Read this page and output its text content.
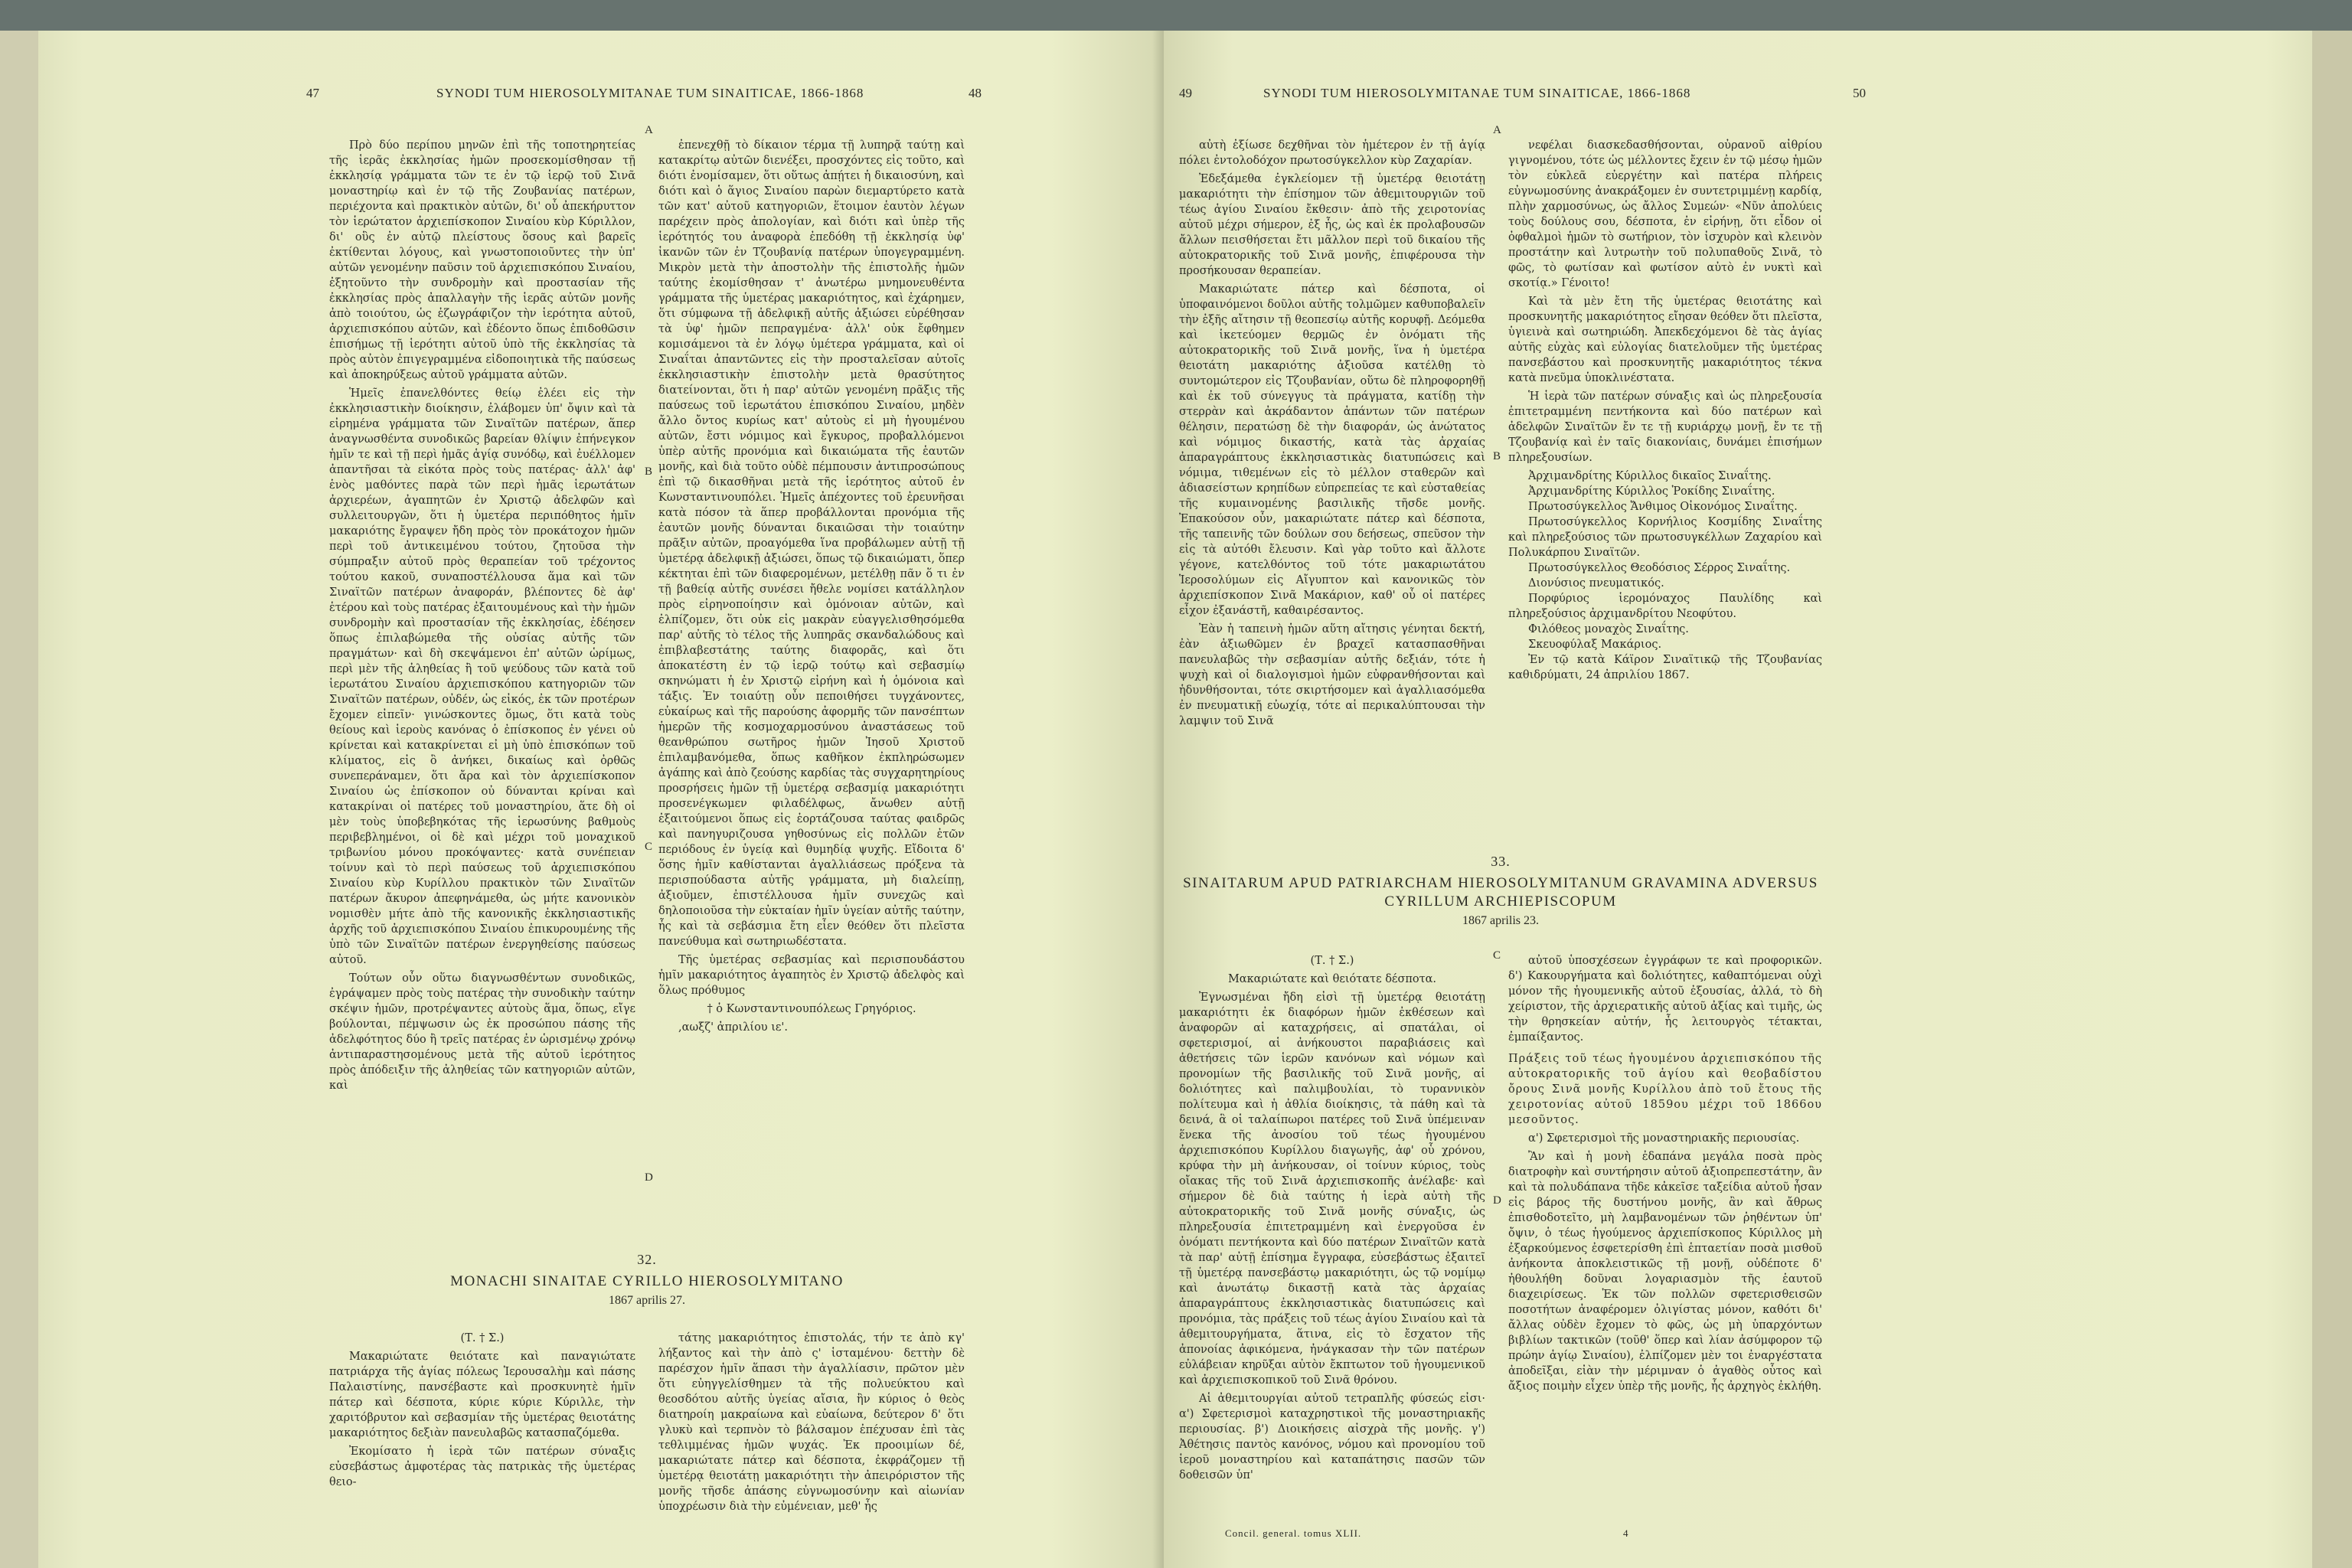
47	SYNODI TUM HIEROSOLYMITANAE TUM SINAITICAE, 1866-1868	48

Πρὸ δύο περίπου μηνῶν ἐπὶ τῆς τοποτηρητείας τῆς ἱερᾶς ἐκκλησίας ἡμῶν προσεκομίσθησαν τῇ ἐκκλησίᾳ γράμματα τῶν τε ἐν τῷ ἱερῷ τοῦ Σινᾶ μοναστηρίῳ καὶ ἐν τῷ τῆς Ζουβανίας πατέρων, περιέχοντα καὶ πρακτικὸν αὐτῶν, δι' οὗ ἀπεκήρυττον τὸν ἱερώτατον ἀρχιεπίσκοπον Σιναίου κὺρ Κύριλλον, δι' οὓς ἐν αὐτῷ πλείστους ὅσους καὶ βαρεῖς ἐκτίθενται λόγους, καὶ γνωστοποιοῦντες τὴν ὑπ' αὐτῶν γενομένην παῦσιν τοῦ ἀρχιεπισκόπου Σιναίου, ἐξητοῦντο τὴν συνδρομὴν καὶ προστασίαν τῆς ἐκκλησίας πρὸς ἀπαλλαγὴν τῆς ἱερᾶς αὐτῶν μονῆς ἀπὸ τοιούτου, ὡς ἐζωγράφιζον τὴν ἱερότητα αὐτοῦ, ἀρχιεπισκόπου αὐτῶν, καὶ ἐδέοντο ὅπως ἐπιδοθῶσιν ἐπισήμως τῇ ἱερότητι αὐτοῦ ὑπὸ τῆς ἐκκλησίας τὰ πρὸς αὐτὸν ἐπιγεγραμμένα εἰδοποιητικὰ τῆς παύσεως καὶ ἀποκηρύξεως αὐτοῦ γράμματα αὐτῶν.

Ἡμεῖς ἐπανελθόντες θείῳ ἐλέει εἰς τὴν ἐκκλησιαστικὴν διοίκησιν, ἐλάβομεν ὑπ' ὄψιν καὶ τὰ εἰρημένα γράμματα τῶν Σιναϊτῶν πατέρων, ἅπερ ἀναγνωσθέντα συνοδικῶς βαρείαν θλίψιν ἐπήνεγκον ἡμῖν τε καὶ τῇ περὶ ἡμᾶς ἁγίᾳ συνόδῳ, καὶ ἐυέλλομεν ἀπαντῆσαι τὰ εἰκότα πρὸς τοὺς πατέρας· ἀλλ' ἀφ' ἑνὸς μαθόντες παρὰ τῶν περὶ ἡμᾶς ἱερωτάτων ἀρχιερέων, ἀγαπητῶν ἐν Χριστῷ ἀδελφῶν καὶ συλλειτουργῶν, ὅτι ἡ ὑμετέρα περιπόθητος ἡμῖν μακαριότης ἔγραψεν ἤδη πρὸς τὸν προκάτοχον ἡμῶν περὶ τοῦ ἀντικειμένου τούτου, ζητοῦσα τὴν σύμπραξιν αὐτοῦ πρὸς θεραπείαν τοῦ τρέχοντος τούτου κακοῦ, συναποστέλλουσα ἅμα καὶ τῶν Σιναϊτῶν πατέρων ἀναφοράν, βλέποντες δὲ ἀφ' ἑτέρου καὶ τοὺς πατέρας ἐξαιτουμένους καὶ τὴν ἡμῶν συνδρομὴν καὶ προστασίαν τῆς ἐκκλησίας, ἐδέησεν ὅπως ἐπιλαβώμεθα τῆς οὐσίας αὐτῆς τῶν πραγμάτων· καὶ δὴ σκεψάμενοι ἐπ' αὐτῶν ὡρίμως, περὶ μὲν τῆς ἀληθείας ἢ τοῦ ψεύδους τῶν κατὰ τοῦ ἱερωτάτου Σιναίου ἀρχιεπισκόπου κατηγοριῶν τῶν Σιναϊτῶν πατέρων, οὐδέν, ὡς εἰκός, ἐκ τῶν προτέρων ἔχομεν εἰπεῖν· γινώσκοντες ὅμως, ὅτι κατὰ τοὺς θείους καὶ ἱεροὺς κανόνας ὁ ἐπίσκοπος ἐν γένει οὐ κρίνεται καὶ κατακρίνεται εἰ μὴ ὑπὸ ἐπισκόπων τοῦ κλίματος, εἰς ὃ ἀνήκει, δικαίως καὶ ὀρθῶς συνεπεράναμεν, ὅτι ἄρα καὶ τὸν ἀρχιεπίσκοπον Σιναίου ὡς ἐπίσκοπον οὐ δύνανται κρίναι καὶ κατακρίναι οἱ πατέρες τοῦ μοναστηρίου, ἅτε δὴ οἱ μὲν τοὺς ὑποβεβηκότας τῆς ἱερωσύνης βαθμοὺς περιβεβλημένοι, οἱ δὲ καὶ μέχρι τοῦ μοναχικοῦ τριβωνίου μόνου προκόψαντες· κατὰ συνέπειαν τοίνυν καὶ τὸ περὶ παύσεως τοῦ ἀρχιεπισκόπου Σιναίου κὺρ Κυρίλλου πρακτικὸν τῶν Σιναϊτῶν πατέρων ἄκυρον ἀπεφηνάμεθα, ὡς μήτε κανονικὸν νομισθὲν μήτε ἀπὸ τῆς κανονικῆς ἐκκλησιαστικῆς ἀρχῆς τοῦ ἀρχιεπισκόπου Σιναίου ἐπικυρουμένης τῆς ὑπὸ τῶν Σιναϊτῶν πατέρων ἐνεργηθείσης παύσεως αὐτοῦ.

Τούτων οὖν οὕτω διαγνωσθέντων συνοδικῶς, ἐγράψαμεν πρὸς τοὺς πατέρας τὴν συνοδικὴν ταύτην σκέψιν ἡμῶν, προτρέψαντες αὐτοὺς ἅμα, ὅπως, εἴγε βούλονται, πέμψωσιν ὡς ἐκ προσώπου πάσης τῆς ἀδελφότητος δύο ἢ τρεῖς πατέρας ἐν ὡρισμένῳ χρόνῳ ἀντιπαραστησομένους μετὰ τῆς αὐτοῦ ἱερότητος πρὸς ἀπόδειξιν τῆς ἀληθείας τῶν κατηγοριῶν αὐτῶν, καὶ

A
B
C
D

ἐπενεχθῇ τὸ δίκαιον τέρμα τῇ λυπηρᾷ ταύτῃ καὶ κατακρίτῳ αὐτῶν διενέξει, προσχόντες εἰς τοῦτο, καὶ διότι ἐνομίσαμεν, ὅτι οὕτως ἀπῄτει ἡ δικαιοσύνη, καὶ διότι καὶ ὁ ἅγιος Σιναίου παρὼν διεμαρτύρετο κατὰ τῶν κατ' αὐτοῦ κατηγοριῶν, ἕτοιμον ἑαυτὸν λέγων παρέχειν πρὸς ἀπολογίαν, καὶ διότι καὶ ὑπὲρ τῆς ἱερότητός του ἀναφορὰ ἐπεδόθη τῇ ἐκκλησίᾳ ὑφ' ἱκανῶν τῶν ἐν Τζουβανίᾳ πατέρων ὑπογεγραμμένη. Μικρὸν μετὰ τὴν ἀποστολὴν τῆς ἐπιστολῆς ἡμῶν ταύτης ἐκομίσθησαν τ' ἀνωτέρω μνημονευθέντα γράμματα τῆς ὑμετέρας μακαριότητος, καὶ ἐχάρημεν, ὅτι σύμφωνα τῇ ἀδελφικῇ αὐτῆς ἀξιώσει εὑρέθησαν τὰ ὑφ' ἡμῶν πεπραγμένα· ἀλλ' οὐκ ἔφθημεν κομισάμενοι τὰ ἐν λόγῳ ὑμέτερα γράμματα, καὶ οἱ Σιναΐται ἀπαντῶντες εἰς τὴν προσταλεῖσαν αὐτοῖς ἐκκλησιαστικὴν ἐπιστολὴν μετὰ θρασύτητος διατείνονται, ὅτι ἡ παρ' αὐτῶν γενομένη πρᾶξις τῆς παύσεως τοῦ ἱερωτάτου ἐπισκόπου Σιναίου, μηδὲν ἄλλο ὄντος κυρίως κατ' αὐτοὺς εἰ μὴ ἡγουμένου αὐτῶν, ἔστι νόμιμος καὶ ἔγκυρος, προβαλλόμενοι ὑπὲρ αὐτῆς προνόμια καὶ δικαιώματα τῆς ἑαυτῶν μονῆς, καὶ διὰ τοῦτο οὐδὲ πέμπουσιν ἀντιπροσώπους ἐπὶ τῷ δικασθῆναι μετὰ τῆς ἱερότητος αὐτοῦ ἐν Κωνσταντινουπόλει. Ἡμεῖς ἀπέχοντες τοῦ ἐρευνῆσαι κατὰ πόσον τὰ ἅπερ προβάλλονται προνόμια τῆς ἑαυτῶν μονῆς δύνανται δικαιῶσαι τὴν τοιαύτην πρᾶξιν αὐτῶν, προαγόμεθα ἵνα προβάλωμεν αὐτῇ τῇ ὑμετέρᾳ ἀδελφικῇ ἀξιώσει, ὅπως τῷ δικαιώματι, ὅπερ κέκτηται ἐπὶ τῶν διαφερομένων, μετέλθῃ πᾶν ὅ τι ἐν τῇ βαθείᾳ αὐτῆς συνέσει ἤθελε νομίσει κατάλληλον πρὸς εἰρηνοποίησιν καὶ ὁμόνοιαν αὐτῶν, καὶ ἐλπίζομεν, ὅτι οὐκ εἰς μακρὰν εὐαγγελισθησόμεθα παρ' αὐτῆς τὸ τέλος τῆς λυπηρᾶς σκανδαλώδους καὶ ἐπιβλαβεστάτης ταύτης διαφορᾶς, καὶ ὅτι ἀποκατέστη ἐν τῷ ἱερῷ τούτῳ καὶ σεβασμίῳ σκηνώματι ἡ ἐν Χριστῷ εἰρήνη καὶ ἡ ὁμόνοια καὶ τάξις. Ἐν τοιαύτῃ οὖν πεποιθήσει τυγχάνοντες, εὐκαίρως καὶ τῆς παρούσης ἀφορμῆς τῶν πανσέπτων ἡμερῶν τῆς κοσμοχαρμοσύνου ἀναστάσεως τοῦ θεανθρώπου σωτῆρος ἡμῶν Ἰησοῦ Χριστοῦ ἐπιλαμβανόμεθα, ὅπως καθῆκον ἐκπληρώσωμεν ἀγάπης καὶ ἀπὸ ζεούσης καρδίας τὰς συγχαρητηρίους προσρήσεις ἡμῶν τῇ ὑμετέρᾳ σεβασμίᾳ μακαριότητι προσενέγκωμεν φιλαδέλφως, ἄνωθεν αὐτῇ ἐξαιτούμενοι ὅπως εἰς ἑορτάζουσα ταύτας φαιδρῶς καὶ πανηγυριζουσα γηθοσύνως εἰς πολλῶν ἐτῶν περιόδους ἐν ὑγείᾳ καὶ θυμηδίᾳ ψυχῆς. Εἴδοιτα δ' ὅσης ἡμῖν καθίστανται ἀγαλλιάσεως πρόξενα τὰ περισπούδαστα αὐτῆς γράμματα, μὴ διαλείπῃ, ἀξιοῦμεν, ἐπιστέλλουσα ἡμῖν συνεχῶς καὶ δηλοποιοῦσα τὴν εὐκταίαν ἡμῖν ὑγείαν αὐτῆς ταύτην, ἧς καὶ τὰ σεβάσμια ἔτη εἶεν θεόθεν ὅτι πλεῖστα πανεύθυμα καὶ σωτηριωδέστατα.

Τῆς ὑμετέρας σεβασμίας καὶ περισπουδάστου ἡμῖν μακαριότητος ἀγαπητὸς ἐν Χριστῷ ἀδελφὸς καὶ ὅλως πρόθυμος

† ὁ Κωνσταντινουπόλεως Γρηγόριος.

,αωξζ' ἀπριλίου ιε'.

32.
MONACHI SINAITAE CYRILLO HIEROSOLYMITANO
1867 aprilis 27.

(Τ. † Σ.)

Μακαριώτατε θειότατε καὶ παναγιώτατε πατριάρχα τῆς ἁγίας πόλεως Ἱερουσαλὴμ καὶ πάσης Παλαιστίνης, πανσέβαστε καὶ προσκυνητὲ ἡμῖν πάτερ καὶ δέσποτα, κύριε κύριε Κύριλλε, τὴν χαριτόβρυτον καὶ σεβασμίαν τῆς ὑμετέρας θειοτάτης μακαριότητος δεξιὰν πανευλαβῶς κατασπαζόμεθα.

Ἐκομίσατο ἡ ἱερὰ τῶν πατέρων σύναξις εὐσεβάστως ἀμφοτέρας τὰς πατρικὰς τῆς ὑμετέρας θειο-

τάτης μακαριότητος ἐπιστολάς, τήν τε ἀπὸ κγ' λήξαντος καὶ τὴν ἀπὸ ς' ἱσταμένου· δεττὴν δὲ παρέσχον ἡμῖν ἅπασι τὴν ἀγαλλίασιν, πρῶτον μὲν ὅτι εὐηγγελίσθημεν τὰ τῆς πολυεύκτου καὶ θεοσδότου αὐτῆς ὑγείας αἴσια, ἣν κύριος ὁ θεὸς διατηροίη μακραίωνα καὶ εὐαίωνα, δεύτερον δ' ὅτι γλυκὺ καὶ τερπνὸν τὸ βάλσαμον ἐπέχυσαν ἐπὶ τὰς τεθλιμμένας ἡμῶν ψυχάς. Ἐκ προοιμίων δέ, μακαριώτατε πάτερ καὶ δέσποτα, ἐκφράζομεν τῇ ὑμετέρᾳ θειοτάτῃ μακαριότητι τὴν ἀπειρόριστον τῆς μονῆς τῆσδε ἀπάσης εὐγνωμοσύνην καὶ αἰωνίαν ὑποχρέωσιν διὰ τὴν εὐμένειαν, μεθ' ἧς

49	SYNODI TUM HIEROSOLYMITANAE TUM SINAITICAE, 1866-1868	50

αὐτὴ ἐξίωσε δεχθῆναι τὸν ἡμέτερον ἐν τῇ ἁγίᾳ πόλει ἐντολοδόχον πρωτοσύγκελλον κὺρ Ζαχαρίαν.

Ἐδεξάμεθα ἐγκλείομεν τῇ ὑμετέρᾳ θειοτάτῃ μακαριότητι τὴν ἐπίσημον τῶν ἀθεμιτουργιῶν τοῦ τέως ἁγίου Σιναίου ἔκθεσιν· ἀπὸ τῆς χειροτονίας αὐτοῦ μέχρι σήμερον, ἐξ ἧς, ὡς καὶ ἐκ προλαβουσῶν ἄλλων πεισθήσεται ἔτι μᾶλλον περὶ τοῦ δικαίου τῆς αὐτοκρατορικῆς τοῦ Σινᾶ μονῆς, ἐπιφέρουσα τὴν προσήκουσαν θεραπείαν.

Μακαριώτατε πάτερ καὶ δέσποτα, οἱ ὑποφαινόμενοι δοῦλοι αὐτῆς τολμῶμεν καθυποβαλεῖν τὴν ἑξῆς αἴτησιν τῇ θεοπεσίῳ αὐτῆς κορυφῇ. Δεόμεθα καὶ ἱκετεύομεν θερμῶς ἐν ὀνόματι τῆς αὐτοκρατορικῆς τοῦ Σινᾶ μονῆς, ἵνα ἡ ὑμετέρα θειοτάτη μακαριότης ἀξιοῦσα κατέλθῃ τὸ συντομώτερον εἰς Τζουβανίαν, οὕτω δὲ πληροφορηθῇ καὶ ἐκ τοῦ σύνεγγυς τὰ πράγματα, κατίδῃ τὴν στερρὰν καὶ ἀκράδαντον ἁπάντων τῶν πατέρων θέλησιν, περατώσῃ δὲ τὴν διαφοράν, ὡς ἀνώτατος καὶ νόμιμος δικαστής, κατὰ τὰς ἀρχαίας ἀπαραγράπτους ἐκκλησιαστικὰς διατυπώσεις καὶ νόμιμα, τιθεμένων εἰς τὸ μέλλον σταθερῶν καὶ ἀδιασείστων κρηπίδων εὐπρεπείας τε καὶ εὐσταθείας τῆς κυμαινομένης βασιλικῆς τῆσδε μονῆς. Ἐπακούσον οὖν, μακαριώτατε πάτερ καὶ δέσποτα, τῆς ταπεινῆς τῶν δούλων σου δεήσεως, σπεῦσον τὴν εἰς τὰ αὐτόθι ἔλευσιν. Καὶ γὰρ τοῦτο καὶ ἄλλοτε γέγονε, κατελθόντος τοῦ τότε μακαριωτάτου Ἱεροσολύμων εἰς Αἴγυπτον καὶ κανονικῶς τὸν ἀρχιεπίσκοπον Σινᾶ Μακάριον, καθ' οὗ οἱ πατέρες εἶχον ἐξανάστῆ, καθαιρέσαντος.

Ἐὰν ἡ ταπεινὴ ἡμῶν αὕτη αἴτησις γένηται δεκτή, ἐὰν ἀξιωθῶμεν ἐν βραχεῖ κατασπασθῆναι πανευλαβῶς τὴν σεβασμίαν αὐτῆς δεξιάν, τότε ἡ ψυχὴ καὶ οἱ διαλογισμοὶ ἡμῶν εὐφρανθήσονται καὶ ἡδυνθήσονται, τότε σκιρτήσομεν καὶ ἀγαλλιασόμεθα ἐν πνευματικῇ εὐωχίᾳ, τότε αἱ περικαλύπτουσαι τὴν λαμψιν τοῦ Σινᾶ

A
B
C
D

νεφέλαι διασκεδασθήσονται, οὐρανοῦ αἰθρίου γιγνομένου, τότε ὡς μέλλοντες ἔχειν ἐν τῷ μέσῳ ἡμῶν τὸν εὐκλεᾶ εὐεργέτην καὶ πατέρα πλήρεις εὐγνωμοσύνης ἀνακράξομεν ἐν συντετριμμένῃ καρδίᾳ, πλὴν χαρμοσύνως, ὡς ἄλλος Συμεών· «Νῦν ἀπολύεις τοὺς δούλους σου, δέσποτα, ἐν εἰρήνῃ, ὅτι εἶδον οἱ ὀφθαλμοὶ ἡμῶν τὸ σωτήριον, τὸν ἰσχυρὸν καὶ κλεινὸν προστάτην καὶ λυτρωτὴν τοῦ πολυπαθοῦς Σινᾶ, τὸ φῶς, τὸ φωτίσαν καὶ φωτίσον αὐτὸ ἐν νυκτὶ καὶ σκοτίᾳ.» Γένοιτο!

Καὶ τὰ μὲν ἔτη τῆς ὑμετέρας θειοτάτης καὶ προσκυνητῆς μακαριότητος εἴησαν θεόθεν ὅτι πλεῖστα, ὑγιεινὰ καὶ σωτηριώδη. Ἀπεκδεχόμενοι δὲ τὰς ἁγίας αὐτῆς εὐχὰς καὶ εὐλογίας διατελοῦμεν τῆς ὑμετέρας πανσεβάστου καὶ προσκυνητῆς μακαριότητος τέκνα κατὰ πνεῦμα ὑποκλινέστατα.

Ἡ ἱερὰ τῶν πατέρων σύναξις καὶ ὡς πληρεξουσία ἐπιτετραμμένη πεντήκοντα καὶ δύο πατέρων καὶ ἀδελφῶν Σιναϊτῶν ἔν τε τῇ κυριάρχῳ μονῇ, ἔν τε τῇ Τζουβανίᾳ καὶ ἐν ταῖς διακονίαις, δυνάμει ἐπισήμων πληρεξουσίων.

Ἀρχιμανδρίτης Κύριλλος δικαῖος Σιναΐτης.

Ἀρχιμανδρίτης Κύριλλος Ῥοκίδης Σιναΐτης.

Πρωτοσύγκελλος Ἄνθιμος Οἰκονόμος Σιναΐτης.

Πρωτοσύγκελλος Κορνήλιος Κοσμίδης Σιναΐτης καὶ πληρεξούσιος τῶν πρωτοσυγκέλλων Ζαχαρίου καὶ Πολυκάρπου Σιναϊτῶν.

Πρωτοσύγκελλος Θεοδόσιος Σέρρος Σιναΐτης.

Διονύσιος πνευματικός.

Πορφύριος ἱερομόναχος Παυλίδης καὶ πληρεξούσιος ἀρχιμανδρίτου Νεοφύτου.

Φιλόθεος μοναχὸς Σιναΐτης.

Σκευοφύλαξ Μακάριος.

Ἐν τῷ κατὰ Κάϊρον Σιναϊτικῷ τῆς Τζουβανίας καθιδρύματι, 24 ἀπριλίου 1867.

33.
SINAITARUM APUD PATRIARCHAM HIEROSOLYMITANUM GRAVAMINA ADVERSUS
CYRILLUM ARCHIEPISCOPUM
1867 aprilis 23.

(Τ. † Σ.)

Μακαριώτατε καὶ θειότατε δέσποτα.

Ἐγνωσμέναι ἤδη εἰσὶ τῇ ὑμετέρᾳ θειοτάτῃ μακαριότητι ἐκ διαφόρων ἡμῶν ἐκθέσεων καὶ ἀναφορῶν αἱ καταχρήσεις, αἱ σπατάλαι, οἱ σφετερισμοί, αἱ ἀνήκουστοι παραβιάσεις καὶ ἀθετήσεις τῶν ἱερῶν κανόνων καὶ νόμων καὶ προνομίων τῆς βασιλικῆς τοῦ Σινᾶ μονῆς, αἱ δολιότητες καὶ παλιμβουλίαι, τὸ τυραννικὸν πολίτευμα καὶ ἡ ἀθλία διοίκησις, τὰ πάθη καὶ τὰ δεινά, ἃ οἱ ταλαίπωροι πατέρες τοῦ Σινᾶ ὑπέμειναν ἕνεκα τῆς ἀνοσίου τοῦ τέως ἡγουμένου ἀρχιεπισκόπου Κυρίλλου διαγωγῆς, ἀφ' οὗ χρόνου, κρύφα τὴν μὴ ἀνήκουσαν, οἱ τοίνυν κύριος, τοὺς οἴακας τῆς τοῦ Σινᾶ ἀρχιεπισκοπῆς ἀνέλαβε· καὶ σήμερον δὲ διὰ ταύτης ἡ ἱερὰ αὐτὴ τῆς αὐτοκρατορικῆς τοῦ Σινᾶ μονῆς σύναξις, ὡς πληρεξουσία ἐπιτετραμμένη καὶ ἐνεργοῦσα ἐν ὀνόματι πεντήκοντα καὶ δύο πατέρων Σιναϊτῶν κατὰ τὰ παρ' αὐτῇ ἐπίσημα ἔγγραφα, εὐσεβάστως ἐξαιτεῖ τῇ ὑμετέρᾳ πανσεβάστῳ μακαριότητι, ὡς τῷ νομίμῳ καὶ ἀνωτάτῳ δικαστῇ κατὰ τὰς ἀρχαίας ἀπαραγράπτους ἐκκλησιαστικὰς διατυπώσεις καὶ προνόμια, τὰς πράξεις τοῦ τέως ἁγίου Σιναίου καὶ τὰ ἀθεμιτουργήματα, ἅτινα, εἰς τὸ ἔσχατον τῆς ἀπονοίας ἀφικόμενα, ἠνάγκασαν τὴν τῶν πατέρων εὐλάβειαν κηρῦξαι αὐτὸν ἔκπτωτον τοῦ ἡγουμενικοῦ καὶ ἀρχιεπισκοπικοῦ τοῦ Σινᾶ θρόνου.

Αἱ ἀθεμιτουργίαι αὐτοῦ τετραπλῆς φύσεώς εἰσι· α') Σφετερισμοὶ καταχρηστικοὶ τῆς μοναστηριακῆς περιουσίας. β') Διοικήσεις αἰσχρὰ τῆς μονῆς. γ') Ἀθέτησις παντὸς κανόνος, νόμου καὶ προνομίου τοῦ ἱεροῦ μοναστηρίου καὶ καταπάτησις πασῶν τῶν δοθεισῶν ὑπ'

αὐτοῦ ὑποσχέσεων ἐγγράφων τε καὶ προφορικῶν. δ') Κακουργήματα καὶ δολιότητες, καθαπτόμεναι οὐχὶ μόνον τῆς ἡγουμενικῆς αὐτοῦ ἐξουσίας, ἀλλά, τὸ δὴ χείριστον, τῆς ἀρχιερατικῆς αὐτοῦ ἀξίας καὶ τιμῆς, ὡς τὴν θρησκείαν αὐτήν, ἧς λειτουργὸς τέτακται, ἐμπαίξαντος.

Πράξεις τοῦ τέως ἡγουμένου ἀρχιεπισκόπου τῆς αὐτοκρατορικῆς τοῦ ἁγίου καὶ θεοβαδίστου ὄρους Σινᾶ μονῆς Κυρίλλου ἀπὸ τοῦ ἔτους τῆς χειροτονίας αὐτοῦ 1859ου μέχρι τοῦ 1866ου μεσοῦντος.

α') Σφετερισμοὶ τῆς μοναστηριακῆς περιουσίας.

Ἂν καὶ ἡ μονὴ ἐδαπάνα μεγάλα ποσὰ πρὸς διατροφὴν καὶ συντήρησιν αὐτοῦ ἀξιοπρεπεστάτην, ἂν καὶ τὰ πολυδάπανα τῆδε κἀκεῖσε ταξείδια αὐτοῦ ἦσαν εἰς βάρος τῆς δυστήνου μονῆς, ἂν καὶ ἄθρως ἐπισθοδοτεῖτο, μὴ λαμβανομένων τῶν ῥηθέντων ὑπ' ὄψιν, ὁ τέως ἡγούμενος ἀρχιεπίσκοπος Κύριλλος μὴ ἐξαρκούμενος ἐσφετερίσθη ἐπὶ ἑπταετίαν ποσὰ μισθοῦ ἀνήκοντα ἀποκλειστικῶς τῇ μονῇ, οὐδέποτε δ' ἠθουλήθη δοῦναι λογαριασμὸν τῆς ἑαυτοῦ διαχειρίσεως. Ἐκ τῶν πολλῶν σφετερισθεισῶν ποσοτήτων ἀναφέρομεν ὀλιγίστας μόνον, καθότι δι' ἄλλας οὐδὲν ἔχομεν τὸ φῶς, ὡς μὴ ὑπαρχόντων βιβλίων τακτικῶν (τοῦθ' ὅπερ καὶ λίαν ἀσύμφορον τῷ πρώην ἁγίῳ Σιναίου), ἐλπίζομεν μὲν τοι ἐναργέστατα ἀποδεῖξαι, εἰὰν τὴν μέριμναν ὁ ἀγαθὸς οὗτος καὶ ἄξιος ποιμὴν εἶχεν ὑπὲρ τῆς μονῆς, ἧς ἀρχηγὸς ἐκλήθη.

Concil. general. tomus XLII.	4
